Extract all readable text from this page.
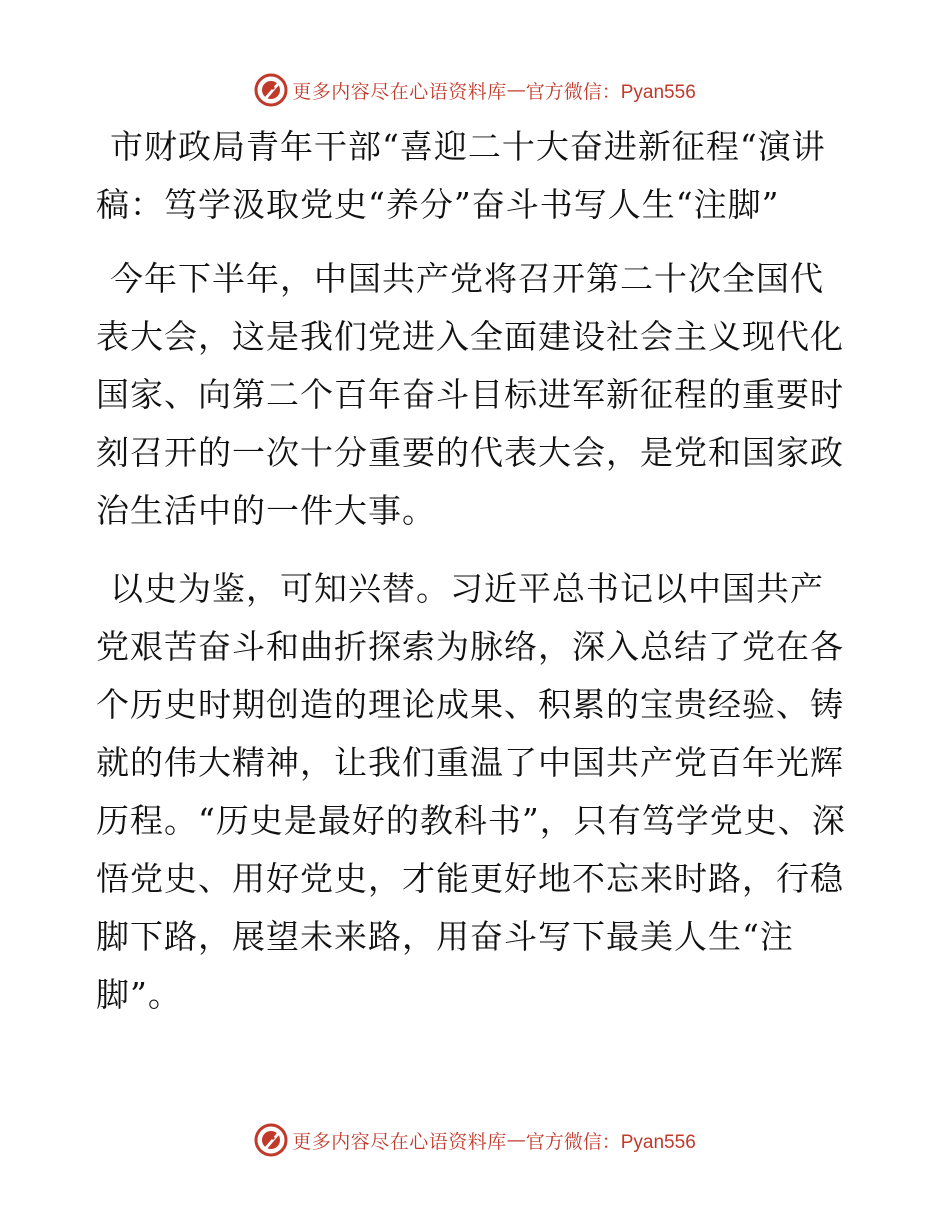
更多内容尽在心语资料库 — 官方微信：Pyan556

市财政局青年干部“喜迎二十大奋进新征程“演讲稿：笃学汲取党史“养分”奋斗书写人生“注脚”

今年下半年，中国共产党将召开第二十次全国代表大会，这是我们党进入全面建设社会主义现代化国家、向第二个百年奋斗目标进军新征程的重要时刻召开的一次十分重要的代表大会，是党和国家政治生活中的一件大事。

以史为鉴，可知兴替。习近平总书记以中国共产党艰苦奋斗和曲折探索为脉络，深入总结了党在各个历史时期创造的理论成果、积累的宝贵经验、铸就的伟大精神，让我们重温了中国共产党百年光辉历程。“历史是最好的教科书”，只有笃学党史、深悟党史、用好党史，才能更好地不忘来时路，行稳脚下路，展望未来路，用奋斗写下最美人生“注脚”。

更多内容尽在心语资料库 — 官方微信：Pyan556
